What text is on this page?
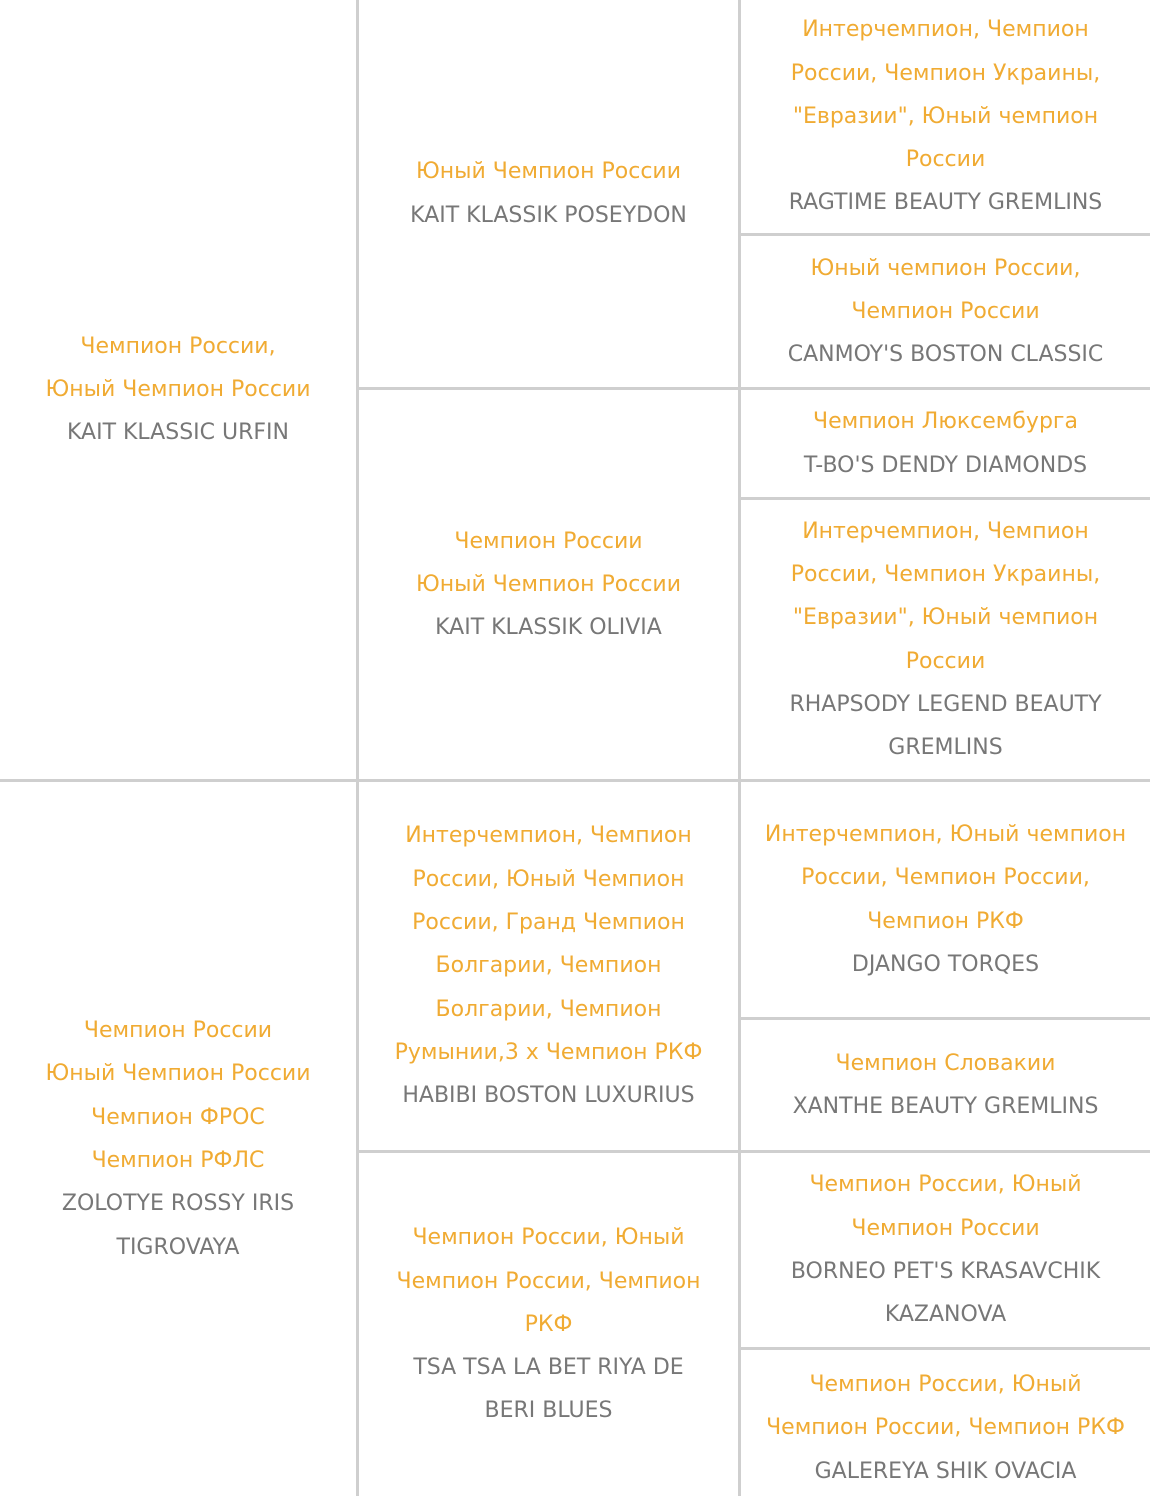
Чемпион России,
Юный Чемпион России
KAIT KLASSIC URFIN
Чемпион России
Юный Чемпион России
Чемпион ФРОС
Чемпион РФЛС
ZOLOTYE ROSSY IRIS
TIGROVAYA
Юный Чемпион России
KAIT KLASSIK POSEYDON
Чемпион России
Юный Чемпион России
KAIT KLASSIK OLIVIA
Интерчемпион, Чемпион
России, Юный Чемпион
России, Гранд Чемпион
Болгарии, Чемпион
Болгарии, Чемпион
Румынии,3 х Чемпион РКФ

HABIBI BOSTON LUXURIUS
Чемпион России, Юный
Чемпион России, Чемпион
РКФ
TSA TSA LA BET RIYA DE
BERI BLUES
Интерчемпион, Чемпион
России, Чемпион Украины,
"Евразии", Юный чемпион
России
RAGTIME BEAUTY GREMLINS
Юный чемпион России,
Чемпион России
CANMOY'S BOSTON CLASSIC
Чемпион Люксембурга
T-BO'S DENDY DIAMONDS
Интерчемпион, Чемпион
России, Чемпион Украины,
"Евразии", Юный чемпион
России
RHAPSODY LEGEND BEAUTY
GREMLINS
Интерчемпион, Юный чемпион
России, Чемпион России,
Чемпион РКФ
DJANGO TORQES
Чемпион Словакии
XANTHE BEAUTY GREMLINS
Чемпион России, Юный
Чемпион России
BORNEO PET'S KRASAVCHIK
KAZANOVA
Чемпион России, Юный
Чемпион России, Чемпион РКФ
GALEREYA SHIK OVACIA
